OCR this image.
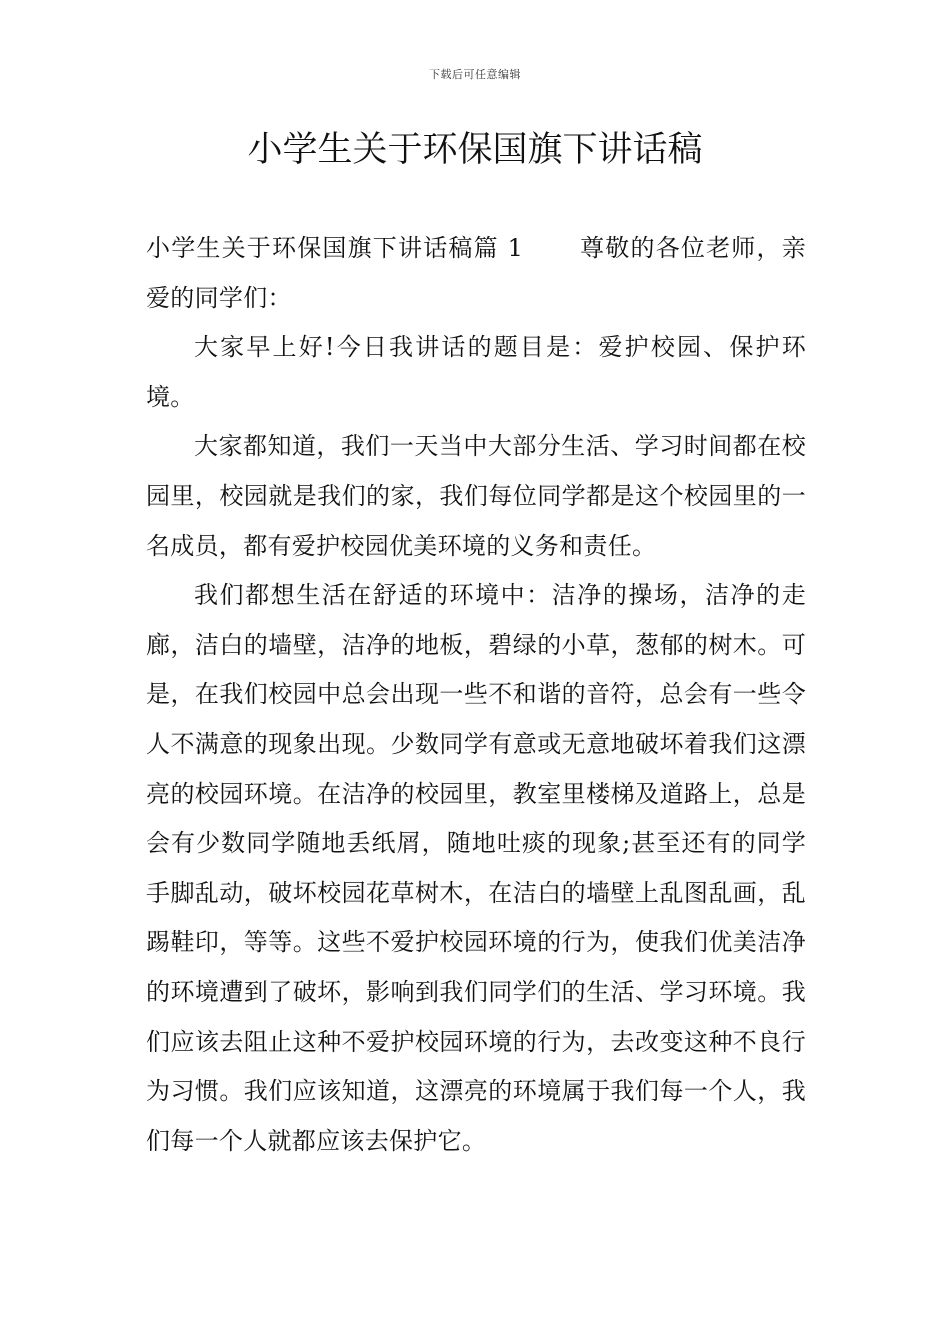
下载后可任意编辑
小学生关于环保国旗下讲话稿

小学生关于环保国旗下讲话稿篇 1 尊敬的各位老师，亲爱的同学们：

大家早上好!今日我讲话的题目是：爱护校园、保护环境。

大家都知道，我们一天当中大部分生活、学习时间都在校园里，校园就是我们的家，我们每位同学都是这个校园里的一名成员，都有爱护校园优美环境的义务和责任。

我们都想生活在舒适的环境中：洁净的操场，洁净的走廊，洁白的墙壁，洁净的地板，碧绿的小草，葱郁的树木。可是，在我们校园中总会出现一些不和谐的音符，总会有一些令人不满意的现象出现。少数同学有意或无意地破坏着我们这漂亮的校园环境。在洁净的校园里，教室里楼梯及道路上，总是会有少数同学随地丢纸屑，随地吐痰的现象;甚至还有的同学手脚乱动，破坏校园花草树木，在洁白的墙壁上乱图乱画，乱踢鞋印，等等。这些不爱护校园环境的行为，使我们优美洁净的环境遭到了破坏，影响到我们同学们的生活、学习环境。我们应该去阻止这种不爱护校园环境的行为，去改变这种不良行为习惯。我们应该知道，这漂亮的环境属于我们每一个人，我们每一个人就都应该去保护它。
